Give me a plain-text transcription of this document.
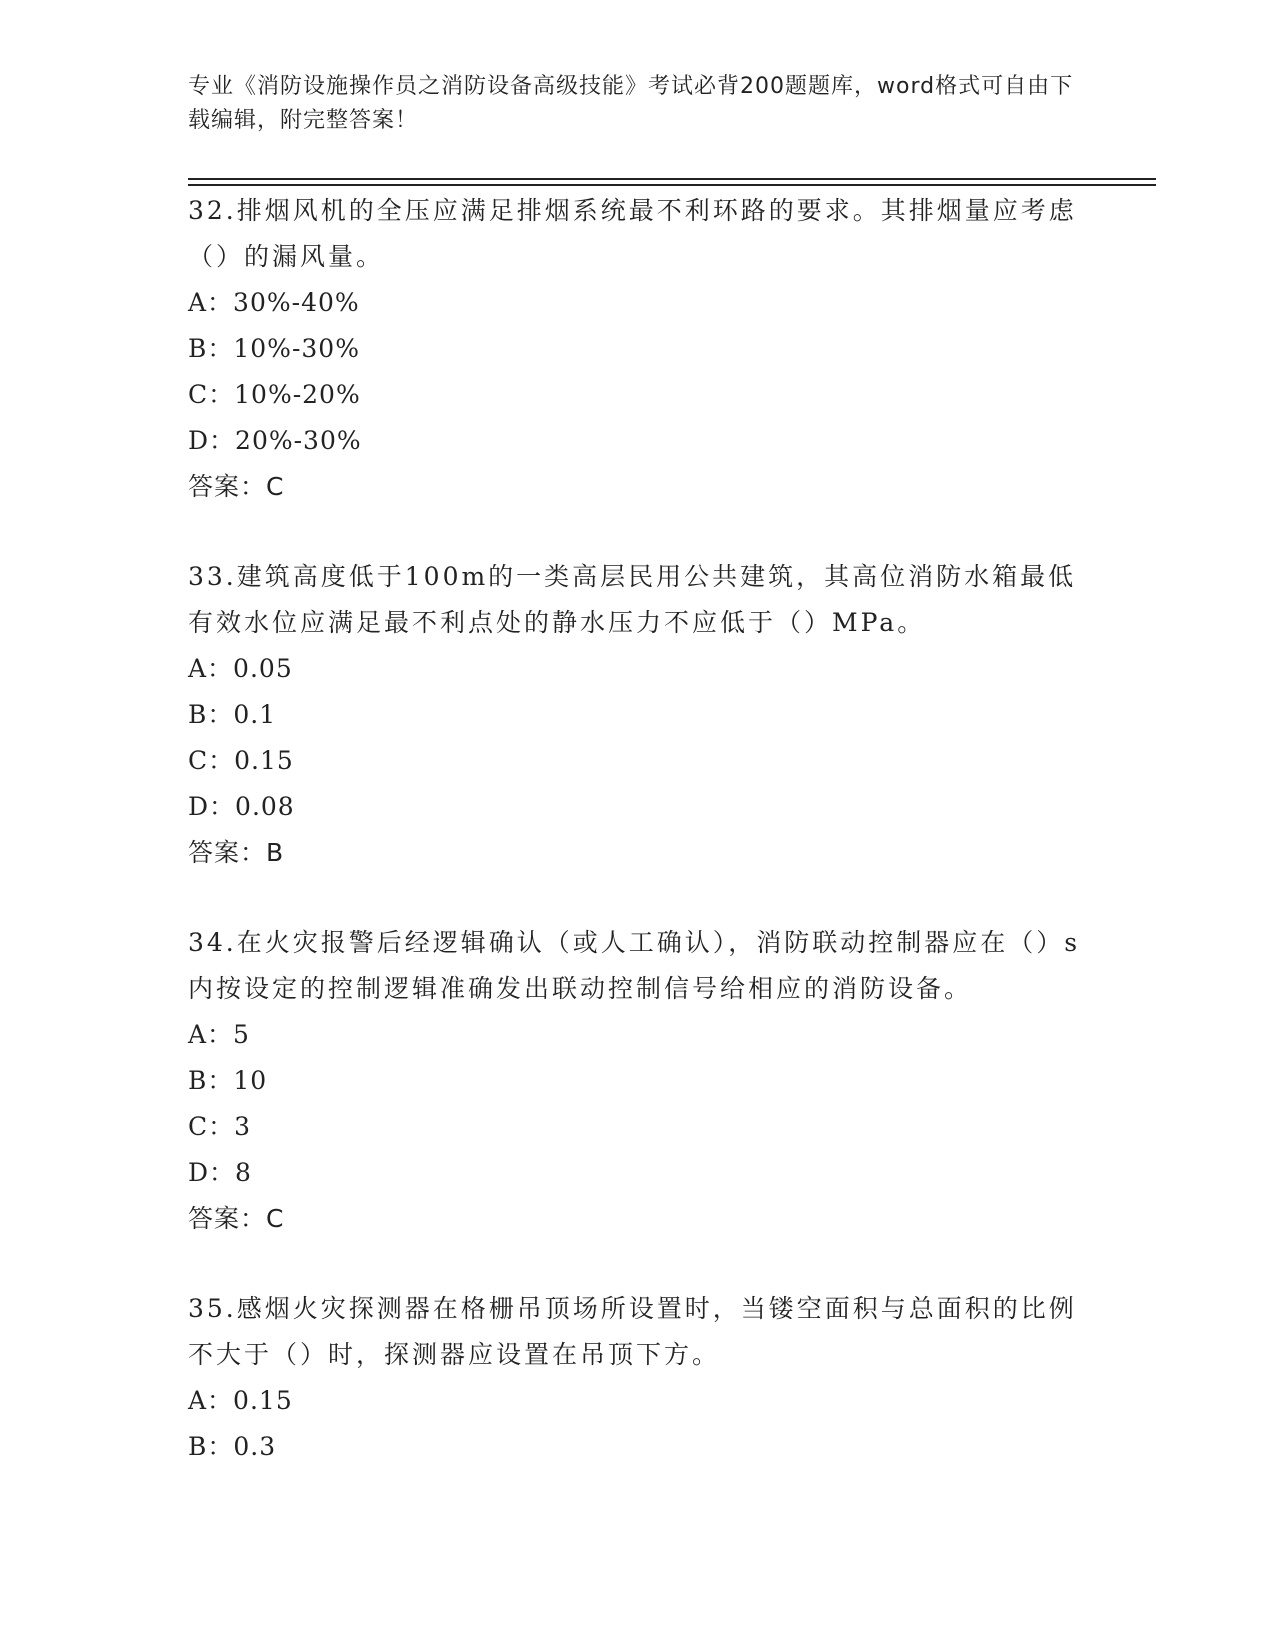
专业《消防设施操作员之消防设备高级技能》考试必背200题题库，word格式可自由下载编辑，附完整答案！
32.排烟风机的全压应满足排烟系统最不利环路的要求。其排烟量应考虑（）的漏风量。
A：30%-40%
B：10%-30%
C：10%-20%
D：20%-30%
答案：C
33.建筑高度低于100m的一类高层民用公共建筑，其高位消防水箱最低有效水位应满足最不利点处的静水压力不应低于（）MPa。
A：0.05
B：0.1
C：0.15
D：0.08
答案：B
34.在火灾报警后经逻辑确认（或人工确认），消防联动控制器应在（）s内按设定的控制逻辑准确发出联动控制信号给相应的消防设备。
A：5
B：10
C：3
D：8
答案：C
35.感烟火灾探测器在格栅吊顶场所设置时，当镂空面积与总面积的比例不大于（）时，探测器应设置在吊顶下方。
A：0.15
B：0.3
